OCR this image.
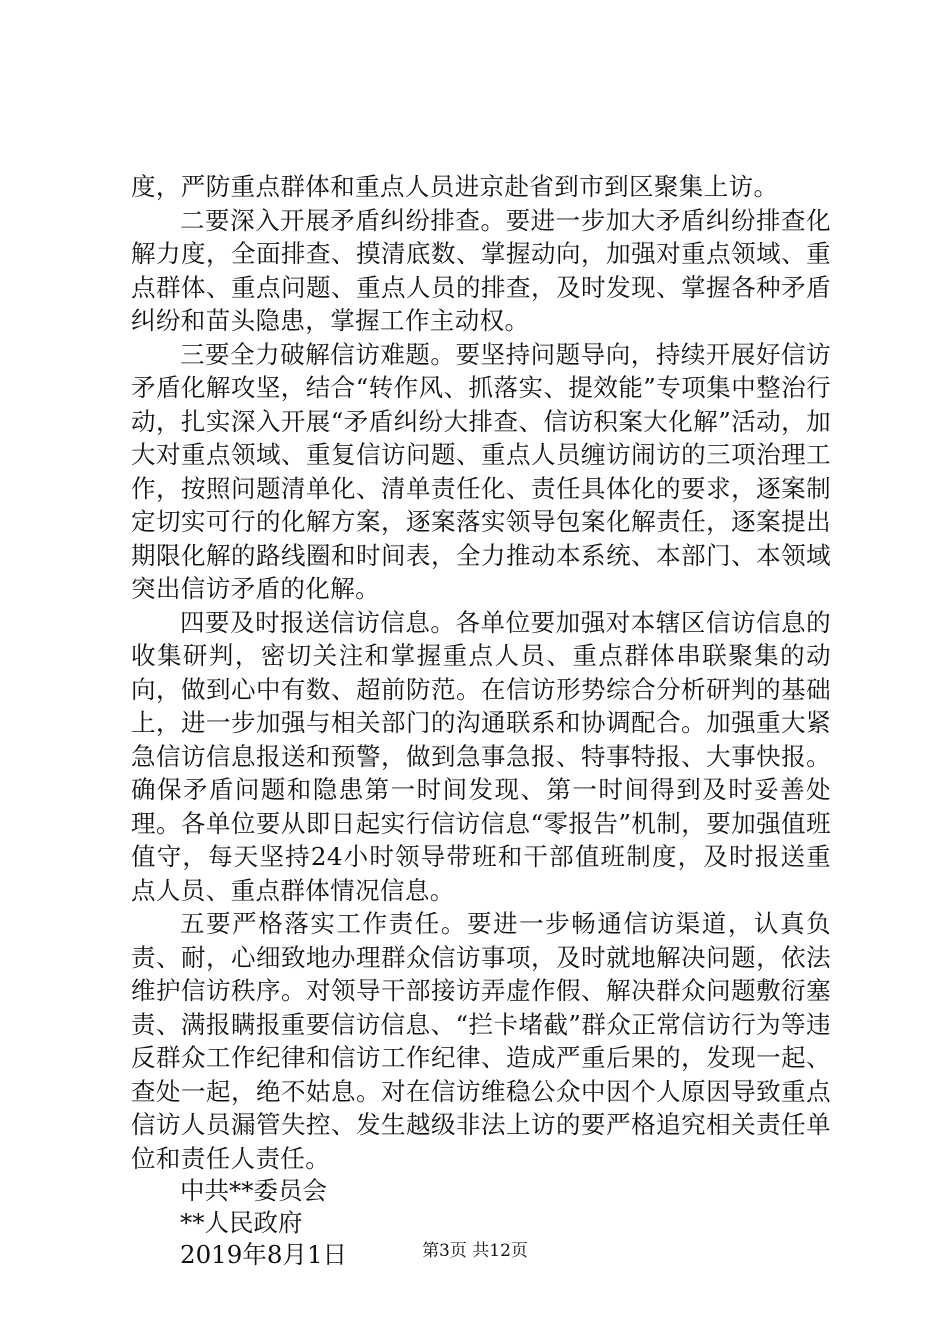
度，严防重点群体和重点人员进京赴省到市到区聚集上访。

二要深入开展矛盾纠纷排查。要进一步加大矛盾纠纷排查化解力度，全面排查、摸清底数、掌握动向，加强对重点领域、重点群体、重点问题、重点人员的排查，及时发现、掌握各种矛盾纠纷和苗头隐患，掌握工作主动权。

三要全力破解信访难题。要坚持问题导向，持续开展好信访矛盾化解攻坚，结合“转作风、抓落实、提效能”专项集中整治行动，扎实深入开展“矛盾纠纷大排查、信访积案大化解”活动，加大对重点领域、重复信访问题、重点人员缠访闹访的三项治理工作，按照问题清单化、清单责任化、责任具体化的要求，逐案制定切实可行的化解方案，逐案落实领导包案化解责任，逐案提出期限化解的路线圈和时间表，全力推动本系统、本部门、本领域突出信访矛盾的化解。

四要及时报送信访信息。各单位要加强对本辖区信访信息的收集研判，密切关注和掌握重点人员、重点群体串联聚集的动向，做到心中有数、超前防范。在信访形势综合分析研判的基础上，进一步加强与相关部门的沟通联系和协调配合。加强重大紧急信访信息报送和预警，做到急事急报、特事特报、大事快报。确保矛盾问题和隐患第一时间发现、第一时间得到及时妥善处理。各单位要从即日起实行信访信息“零报告”机制，要加强值班值守，每天坚持24小时领导带班和干部值班制度，及时报送重点人员、重点群体情况信息。

五要严格落实工作责任。要进一步畅通信访渠道，认真负责、耐，心细致地办理群众信访事项，及时就地解决问题，依法维护信访秩序。对领导干部接访弄虚作假、解决群众问题敷衍塞责、满报瞒报重要信访信息、“拦卡堵截”群众正常信访行为等违反群众工作纪律和信访工作纪律、造成严重后果的，发现一起、查处一起，绝不姑息。对在信访维稳公众中因个人原因导致重点信访人员漏管失控、发生越级非法上访的要严格追究相关责任单位和责任人责任。

中共**委员会

**人民政府

2019年8月1日	第3页 共12页
